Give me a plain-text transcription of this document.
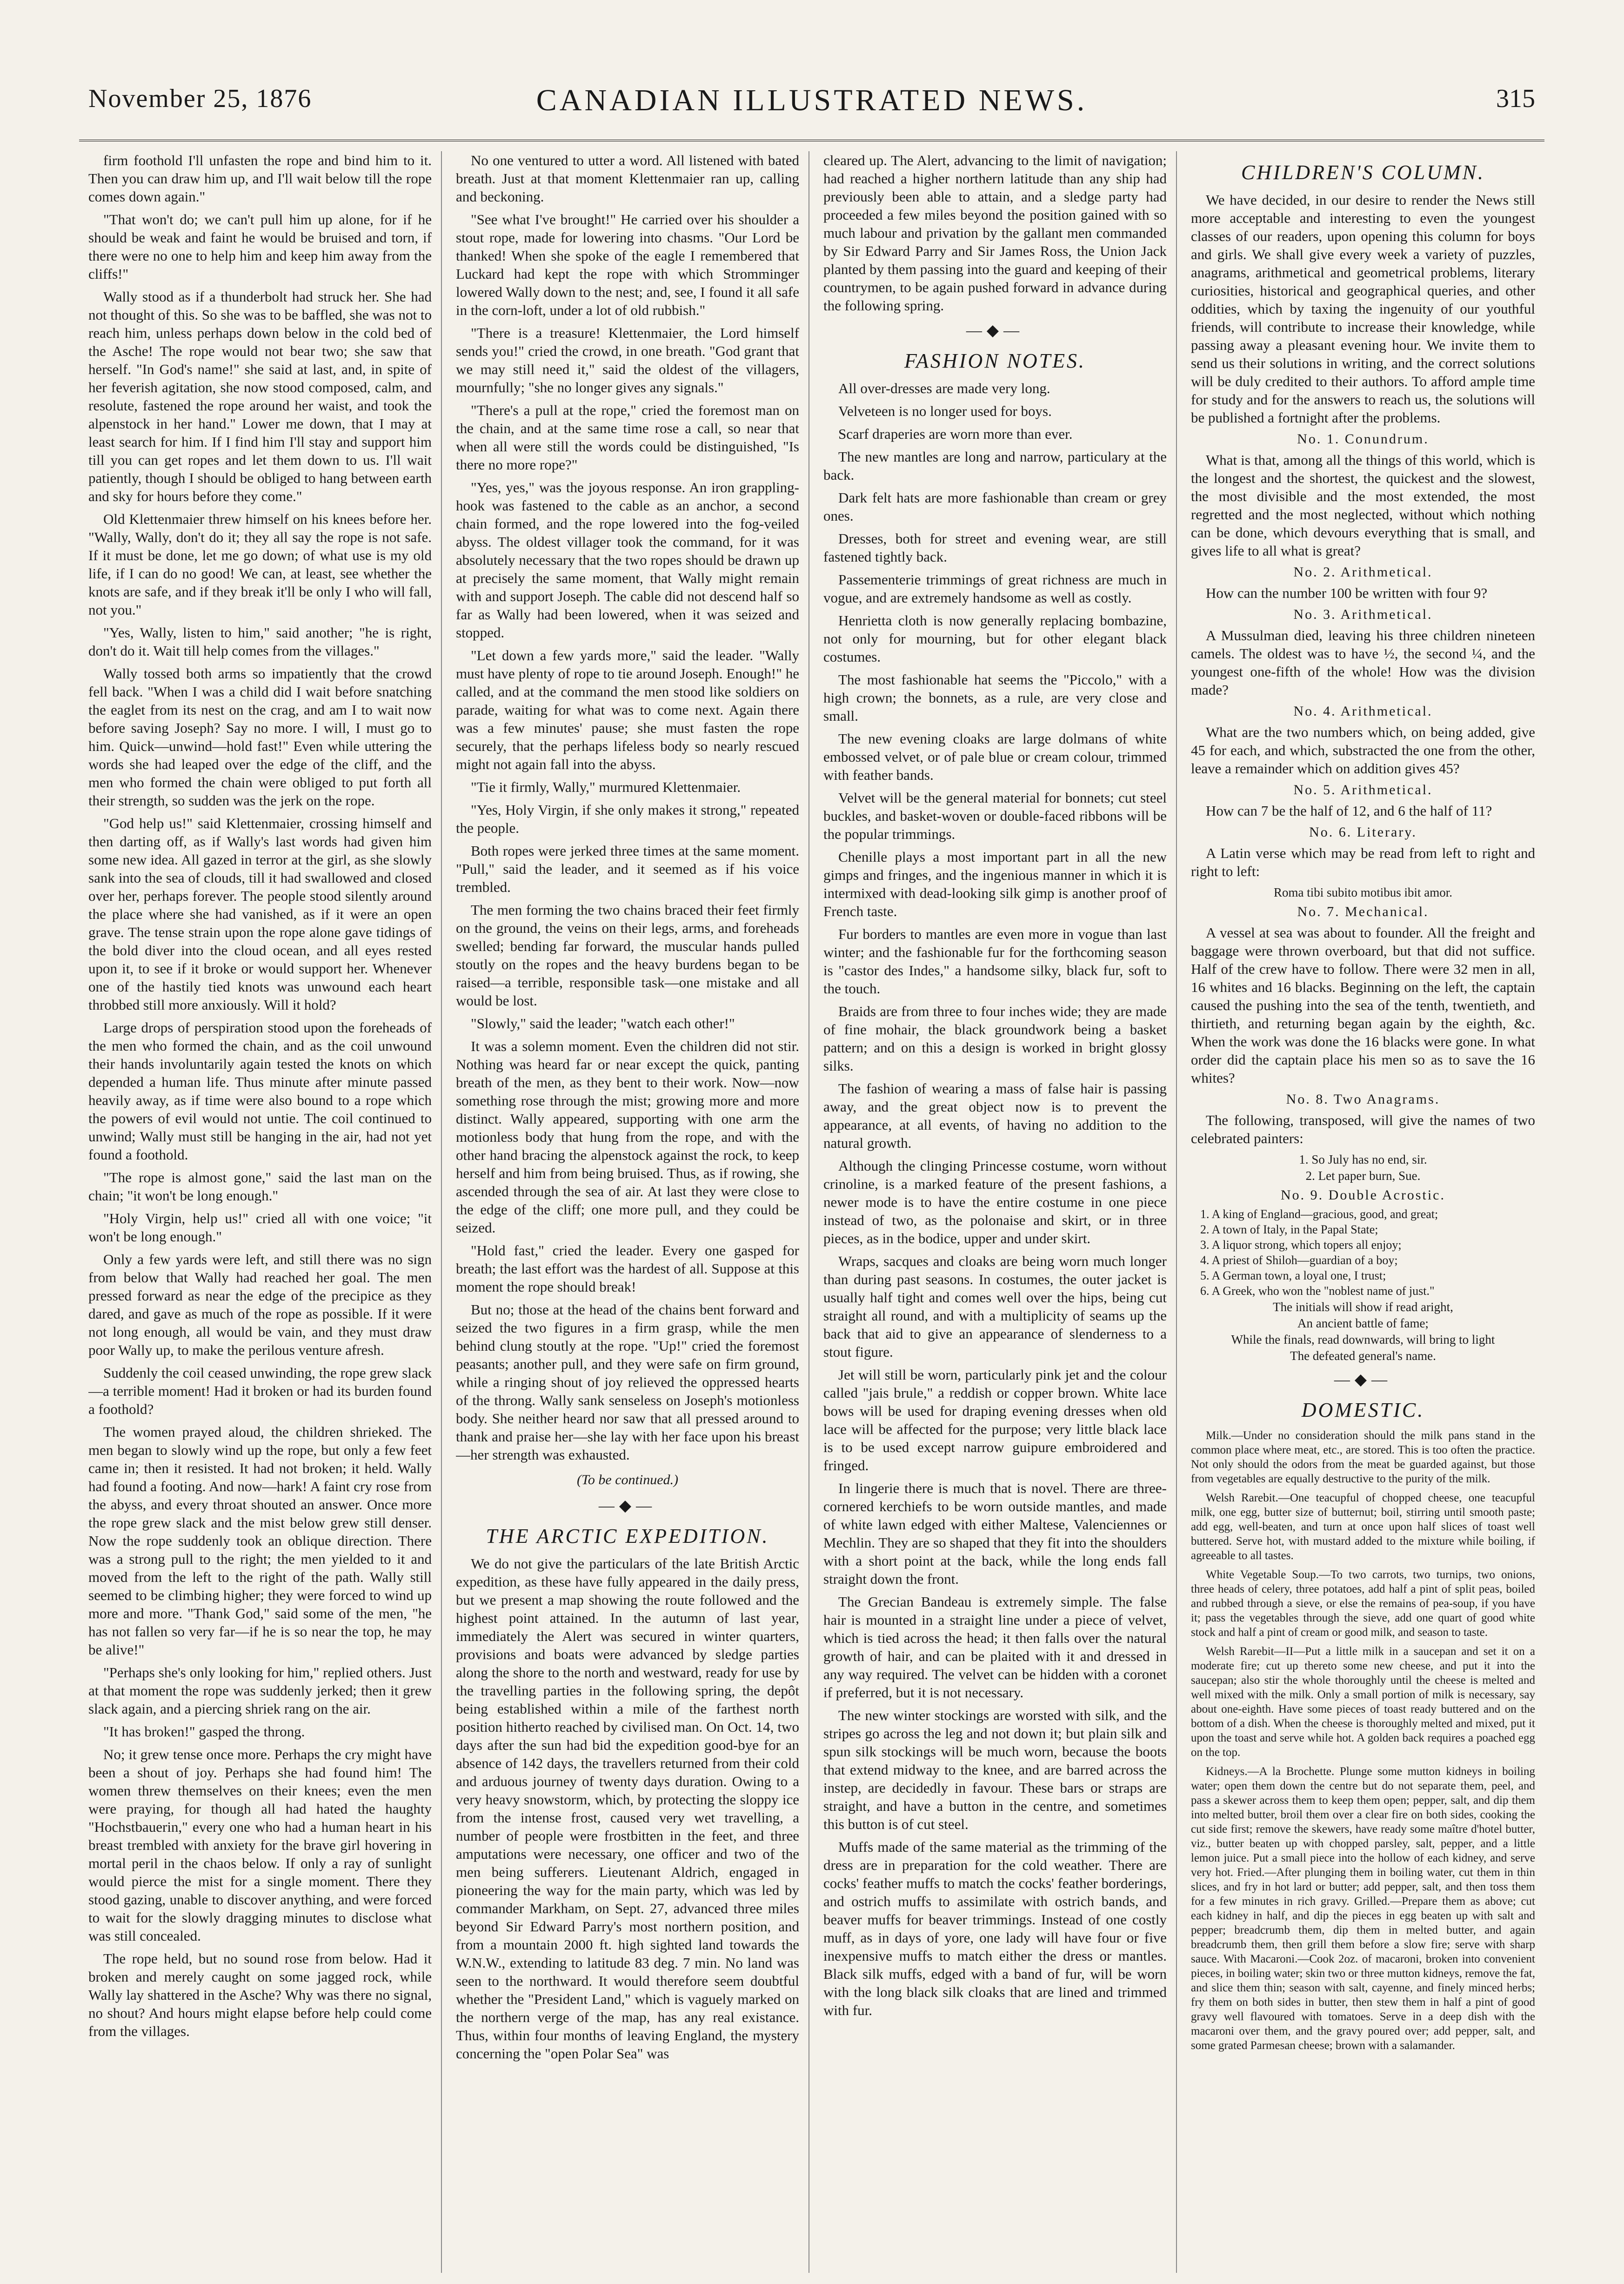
November 25, 1876	CANADIAN ILLUSTRATED NEWS.	315

firm foothold I'll unfasten the rope and bind him to it. Then you can draw him up, and I'll wait below till the rope comes down again."

"That won't do; we can't pull him up alone, for if he should be weak and faint he would be bruised and torn, if there were no one to help him and keep him away from the cliffs!"

Wally stood as if a thunderbolt had struck her. She had not thought of this. So she was to be baffled, she was not to reach him, unless perhaps down below in the cold bed of the Asche! The rope would not bear two; she saw that herself. "In God's name!" she said at last, and, in spite of her feverish agitation, she now stood composed, calm, and resolute, fastened the rope around her waist, and took the alpenstock in her hand." Lower me down, that I may at least search for him. If I find him I'll stay and support him till you can get ropes and let them down to us. I'll wait patiently, though I should be obliged to hang between earth and sky for hours before they come."

Old Klettenmaier threw himself on his knees before her. "Wally, Wally, don't do it; they all say the rope is not safe. If it must be done, let me go down; of what use is my old life, if I can do no good! We can, at least, see whether the knots are safe, and if they break it'll be only I who will fall, not you."

"Yes, Wally, listen to him," said another; "he is right, don't do it. Wait till help comes from the villages."

Wally tossed both arms so impatiently that the crowd fell back. "When I was a child did I wait before snatching the eaglet from its nest on the crag, and am I to wait now before saving Joseph? Say no more. I will, I must go to him. Quick—unwind—hold fast!" Even while uttering the words she had leaped over the edge of the cliff, and the men who formed the chain were obliged to put forth all their strength, so sudden was the jerk on the rope.

"God help us!" said Klettenmaier, crossing himself and then darting off, as if Wally's last words had given him some new idea. All gazed in terror at the girl, as she slowly sank into the sea of clouds, till it had swallowed and closed over her, perhaps forever. The people stood silently around the place where she had vanished, as if it were an open grave. The tense strain upon the rope alone gave tidings of the bold diver into the cloud ocean, and all eyes rested upon it, to see if it broke or would support her. Whenever one of the hastily tied knots was unwound each heart throbbed still more anxiously. Will it hold?

Large drops of perspiration stood upon the foreheads of the men who formed the chain, and as the coil unwound their hands involuntarily again tested the knots on which depended a human life. Thus minute after minute passed heavily away, as if time were also bound to a rope which the powers of evil would not untie. The coil continued to unwind; Wally must still be hanging in the air, had not yet found a foothold.

"The rope is almost gone," said the last man on the chain; "it won't be long enough."

"Holy Virgin, help us!" cried all with one voice; "it won't be long enough."

Only a few yards were left, and still there was no sign from below that Wally had reached her goal. The men pressed forward as near the edge of the precipice as they dared, and gave as much of the rope as possible. If it were not long enough, all would be vain, and they must draw poor Wally up, to make the perilous venture afresh.

Suddenly the coil ceased unwinding, the rope grew slack—a terrible moment! Had it broken or had its burden found a foothold?

The women prayed aloud, the children shrieked. The men began to slowly wind up the rope, but only a few feet came in; then it resisted. It had not broken; it held. Wally had found a footing. And now—hark! A faint cry rose from the abyss, and every throat shouted an answer. Once more the rope grew slack and the mist below grew still denser. Now the rope suddenly took an oblique direction. There was a strong pull to the right; the men yielded to it and moved from the left to the right of the path. Wally still seemed to be climbing higher; they were forced to wind up more and more. "Thank God," said some of the men, "he has not fallen so very far—if he is so near the top, he may be alive!"

"Perhaps she's only looking for him," replied others. Just at that moment the rope was suddenly jerked; then it grew slack again, and a piercing shriek rang on the air.

"It has broken!" gasped the throng.

No; it grew tense once more. Perhaps the cry might have been a shout of joy. Perhaps she had found him! The women threw themselves on their knees; even the men were praying, for though all had hated the haughty "Hochstbauerin," every one who had a human heart in his breast trembled with anxiety for the brave girl hovering in mortal peril in the chaos below. If only a ray of sunlight would pierce the mist for a single moment. There they stood gazing, unable to discover anything, and were forced to wait for the slowly dragging minutes to disclose what was still concealed.

The rope held, but no sound rose from below. Had it broken and merely caught on some jagged rock, while Wally lay shattered in the Asche? Why was there no signal, no shout? And hours might elapse before help could come from the villages.

No one ventured to utter a word. All listened with bated breath. Just at that moment Klettenmaier ran up, calling and beckoning.

"See what I've brought!" He carried over his shoulder a stout rope, made for lowering into chasms. "Our Lord be thanked! When she spoke of the eagle I remembered that Luckard had kept the rope with which Stromminger lowered Wally down to the nest; and, see, I found it all safe in the corn-loft, under a lot of old rubbish."

"There is a treasure! Klettenmaier, the Lord himself sends you!" cried the crowd, in one breath. "God grant that we may still need it," said the oldest of the villagers, mournfully; "she no longer gives any signals."

"There's a pull at the rope," cried the foremost man on the chain, and at the same time rose a call, so near that when all were still the words could be distinguished, "Is there no more rope?"

"Yes, yes," was the joyous response. An iron grappling-hook was fastened to the cable as an anchor, a second chain formed, and the rope lowered into the fog-veiled abyss. The oldest villager took the command, for it was absolutely necessary that the two ropes should be drawn up at precisely the same moment, that Wally might remain with and support Joseph. The cable did not descend half so far as Wally had been lowered, when it was seized and stopped.

"Let down a few yards more," said the leader. "Wally must have plenty of rope to tie around Joseph. Enough!" he called, and at the command the men stood like soldiers on parade, waiting for what was to come next. Again there was a few minutes' pause; she must fasten the rope securely, that the perhaps lifeless body so nearly rescued might not again fall into the abyss.

"Tie it firmly, Wally," murmured Klettenmaier.

"Yes, Holy Virgin, if she only makes it strong," repeated the people.

Both ropes were jerked three times at the same moment. "Pull," said the leader, and it seemed as if his voice trembled.

The men forming the two chains braced their feet firmly on the ground, the veins on their legs, arms, and foreheads swelled; bending far forward, the muscular hands pulled stoutly on the ropes and the heavy burdens began to be raised—a terrible, responsible task—one mistake and all would be lost.

"Slowly," said the leader; "watch each other!"

It was a solemn moment. Even the children did not stir. Nothing was heard far or near except the quick, panting breath of the men, as they bent to their work. Now—now something rose through the mist; growing more and more distinct. Wally appeared, supporting with one arm the motionless body that hung from the rope, and with the other hand bracing the alpenstock against the rock, to keep herself and him from being bruised. Thus, as if rowing, she ascended through the sea of air. At last they were close to the edge of the cliff; one more pull, and they could be seized.

"Hold fast," cried the leader. Every one gasped for breath; the last effort was the hardest of all. Suppose at this moment the rope should break!

But no; those at the head of the chains bent forward and seized the two figures in a firm grasp, while the men behind clung stoutly at the rope. "Up!" cried the foremost peasants; another pull, and they were safe on firm ground, while a ringing shout of joy relieved the oppressed hearts of the throng. Wally sank senseless on Joseph's motionless body. She neither heard nor saw that all pressed around to thank and praise her—she lay with her face upon his breast—her strength was exhausted.

(To be continued.)
—◆—
THE ARCTIC EXPEDITION.

We do not give the particulars of the late British Arctic expedition, as these have fully appeared in the daily press, but we present a map showing the route followed and the highest point attained. In the autumn of last year, immediately the Alert was secured in winter quarters, provisions and boats were advanced by sledge parties along the shore to the north and westward, ready for use by the travelling parties in the following spring, the depôt being established within a mile of the farthest north position hitherto reached by civilised man. On Oct. 14, two days after the sun had bid the expedition good-bye for an absence of 142 days, the travellers returned from their cold and arduous journey of twenty days duration. Owing to a very heavy snowstorm, which, by protecting the sloppy ice from the intense frost, caused very wet travelling, a number of people were frostbitten in the feet, and three amputations were necessary, one officer and two of the men being sufferers. Lieutenant Aldrich, engaged in pioneering the way for the main party, which was led by commander Markham, on Sept. 27, advanced three miles beyond Sir Edward Parry's most northern position, and from a mountain 2000 ft. high sighted land towards the W.N.W., extending to latitude 83 deg. 7 min. No land was seen to the northward. It would therefore seem doubtful whether the "President Land," which is vaguely marked on the northern verge of the map, has any real existance. Thus, within four months of leaving England, the mystery concerning the "open Polar Sea" was

cleared up. The Alert, advancing to the limit of navigation; had reached a higher northern latitude than any ship had previously been able to attain, and a sledge party had proceeded a few miles beyond the position gained with so much labour and privation by the gallant men commanded by Sir Edward Parry and Sir James Ross, the Union Jack planted by them passing into the guard and keeping of their countrymen, to be again pushed forward in advance during the following spring.

—◆—
FASHION NOTES.

All over-dresses are made very long.

Velveteen is no longer used for boys.

Scarf draperies are worn more than ever.

The new mantles are long and narrow, particulary at the back.

Dark felt hats are more fashionable than cream or grey ones.

Dresses, both for street and evening wear, are still fastened tightly back.

Passementerie trimmings of great richness are much in vogue, and are extremely handsome as well as costly.

Henrietta cloth is now generally replacing bombazine, not only for mourning, but for other elegant black costumes.

The most fashionable hat seems the "Piccolo," with a high crown; the bonnets, as a rule, are very close and small.

The new evening cloaks are large dolmans of white embossed velvet, or of pale blue or cream colour, trimmed with feather bands.

Velvet will be the general material for bonnets; cut steel buckles, and basket-woven or double-faced ribbons will be the popular trimmings.

Chenille plays a most important part in all the new gimps and fringes, and the ingenious manner in which it is intermixed with dead-looking silk gimp is another proof of French taste.

Fur borders to mantles are even more in vogue than last winter; and the fashionable fur for the forthcoming season is "castor des Indes," a handsome silky, black fur, soft to the touch.

Braids are from three to four inches wide; they are made of fine mohair, the black groundwork being a basket pattern; and on this a design is worked in bright glossy silks.

The fashion of wearing a mass of false hair is passing away, and the great object now is to prevent the appearance, at all events, of having no addition to the natural growth.

Although the clinging Princesse costume, worn without crinoline, is a marked feature of the present fashions, a newer mode is to have the entire costume in one piece instead of two, as the polonaise and skirt, or in three pieces, as in the bodice, upper and under skirt.

Wraps, sacques and cloaks are being worn much longer than during past seasons. In costumes, the outer jacket is usually half tight and comes well over the hips, being cut straight all round, and with a multiplicity of seams up the back that aid to give an appearance of slenderness to a stout figure.

Jet will still be worn, particularly pink jet and the colour called "jais brule," a reddish or copper brown. White lace bows will be used for draping evening dresses when old lace will be affected for the purpose; very little black lace is to be used except narrow guipure embroidered and fringed.

In lingerie there is much that is novel. There are three-cornered kerchiefs to be worn outside mantles, and made of white lawn edged with either Maltese, Valenciennes or Mechlin. They are so shaped that they fit into the shoulders with a short point at the back, while the long ends fall straight down the front.

The Grecian Bandeau is extremely simple. The false hair is mounted in a straight line under a piece of velvet, which is tied across the head; it then falls over the natural growth of hair, and can be plaited with it and dressed in any way required. The velvet can be hidden with a coronet if preferred, but it is not necessary.

The new winter stockings are worsted with silk, and the stripes go across the leg and not down it; but plain silk and spun silk stockings will be much worn, because the boots that extend midway to the knee, and are barred across the instep, are decidedly in favour. These bars or straps are straight, and have a button in the centre, and sometimes this button is of cut steel.

Muffs made of the same material as the trimming of the dress are in preparation for the cold weather. There are cocks' feather muffs to match the cocks' feather borderings, and ostrich muffs to assimilate with ostrich bands, and beaver muffs for beaver trimmings. Instead of one costly muff, as in days of yore, one lady will have four or five inexpensive muffs to match either the dress or mantles. Black silk muffs, edged with a band of fur, will be worn with the long black silk cloaks that are lined and trimmed with fur.

CHILDREN'S COLUMN.

We have decided, in our desire to render the News still more acceptable and interesting to even the youngest classes of our readers, upon opening this column for boys and girls. We shall give every week a variety of puzzles, anagrams, arithmetical and geometrical problems, literary curiosities, historical and geographical queries, and other oddities, which by taxing the ingenuity of our youthful friends, will contribute to increase their knowledge, while passing away a pleasant evening hour. We invite them to send us their solutions in writing, and the correct solutions will be duly credited to their authors. To afford ample time for study and for the answers to reach us, the solutions will be published a fortnight after the problems.

No. 1. Conundrum.

What is that, among all the things of this world, which is the longest and the shortest, the quickest and the slowest, the most divisible and the most extended, the most regretted and the most neglected, without which nothing can be done, which devours everything that is small, and gives life to all what is great?

No. 2. Arithmetical.

How can the number 100 be written with four 9?

No. 3. Arithmetical.

A Mussulman died, leaving his three children nineteen camels. The oldest was to have ½, the second ¼, and the youngest one-fifth of the whole! How was the division made?

No. 4. Arithmetical.

What are the two numbers which, on being added, give 45 for each, and which, substracted the one from the other, leave a remainder which on addition gives 45?

No. 5. Arithmetical.

How can 7 be the half of 12, and 6 the half of 11?

No. 6. Literary.

A Latin verse which may be read from left to right and right to left:

Roma tibi subito motibus ibit amor.
No. 7. Mechanical.

A vessel at sea was about to founder. All the freight and baggage were thrown overboard, but that did not suffice. Half of the crew have to follow. There were 32 men in all, 16 whites and 16 blacks. Beginning on the left, the captain caused the pushing into the sea of the tenth, twentieth, and thirtieth, and returning began again by the eighth, &c. When the work was done the 16 blacks were gone. In what order did the captain place his men so as to save the 16 whites?

No. 8. Two Anagrams.

The following, transposed, will give the names of two celebrated painters:

1. So July has no end, sir.
2. Let paper burn, Sue.
No. 9. Double Acrostic.
1. A king of England—gracious, good, and great;
2. A town of Italy, in the Papal State;
3. A liquor strong, which topers all enjoy;
4. A priest of Shiloh—guardian of a boy;
5. A German town, a loyal one, I trust;
6. A Greek, who won the "noblest name of just."
The initials will show if read aright,
An ancient battle of fame;
While the finals, read downwards, will bring to light
The defeated general's name.
—◆—
DOMESTIC.

Milk.—Under no consideration should the milk pans stand in the common place where meat, etc., are stored. This is too often the practice. Not only should the odors from the meat be guarded against, but those from vegetables are equally destructive to the purity of the milk.

Welsh Rarebit.—One teacupful of chopped cheese, one teacupful milk, one egg, butter size of butternut; boil, stirring until smooth paste; add egg, well-beaten, and turn at once upon half slices of toast well buttered. Serve hot, with mustard added to the mixture while boiling, if agreeable to all tastes.

White Vegetable Soup.—To two carrots, two turnips, two onions, three heads of celery, three potatoes, add half a pint of split peas, boiled and rubbed through a sieve, or else the remains of pea-soup, if you have it; pass the vegetables through the sieve, add one quart of good white stock and half a pint of cream or good milk, and season to taste.

Welsh Rarebit—II—Put a little milk in a saucepan and set it on a moderate fire; cut up thereto some new cheese, and put it into the saucepan; also stir the whole thoroughly until the cheese is melted and well mixed with the milk. Only a small portion of milk is necessary, say about one-eighth. Have some pieces of toast ready buttered and on the bottom of a dish. When the cheese is thoroughly melted and mixed, put it upon the toast and serve while hot. A golden back requires a poached egg on the top.

Kidneys.—A la Brochette. Plunge some mutton kidneys in boiling water; open them down the centre but do not separate them, peel, and pass a skewer across them to keep them open; pepper, salt, and dip them into melted butter, broil them over a clear fire on both sides, cooking the cut side first; remove the skewers, have ready some maître d'hotel butter, viz., butter beaten up with chopped parsley, salt, pepper, and a little lemon juice. Put a small piece into the hollow of each kidney, and serve very hot. Fried.—After plunging them in boiling water, cut them in thin slices, and fry in hot lard or butter; add pepper, salt, and then toss them for a few minutes in rich gravy. Grilled.—Prepare them as above; cut each kidney in half, and dip the pieces in egg beaten up with salt and pepper; breadcrumb them, dip them in melted butter, and again breadcrumb them, then grill them before a slow fire; serve with sharp sauce. With Macaroni.—Cook 2oz. of macaroni, broken into convenient pieces, in boiling water; skin two or three mutton kidneys, remove the fat, and slice them thin; season with salt, cayenne, and finely minced herbs; fry them on both sides in butter, then stew them in half a pint of good gravy well flavoured with tomatoes. Serve in a deep dish with the macaroni over them, and the gravy poured over; add pepper, salt, and some grated Parmesan cheese; brown with a salamander.
